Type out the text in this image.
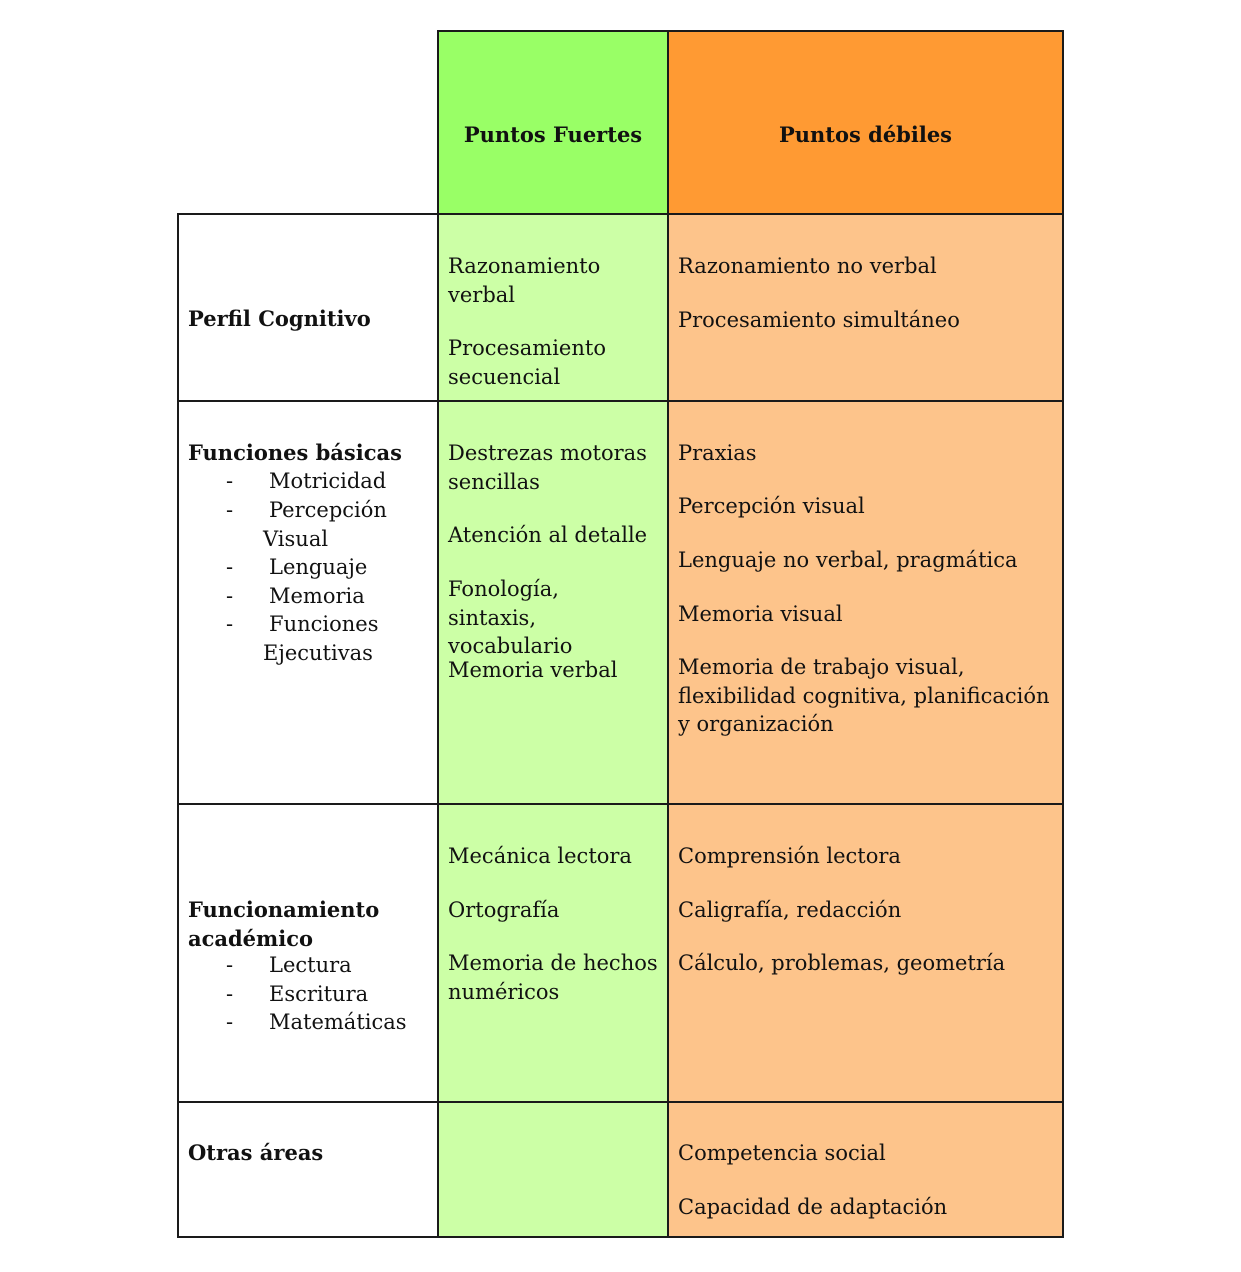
Puntos Fuertes	Puntos débiles
Perfil Cognitivo
Razonamiento verbal
Procesamiento secuencial
Razonamiento no verbal
Procesamiento simultáneo
Funciones básicas
- Motricidad
- Percepción Visual
- Lenguaje
- Memoria
- Funciones Ejecutivas
Destrezas motoras sencillas
Atención al detalle
Fonología, sintaxis, vocabulario
Memoria verbal
Praxias
Percepción visual
Lenguaje no verbal, pragmática
Memoria visual
Memoria de trabajo visual, flexibilidad cognitiva, planificación y organización
Funcionamiento académico
- Lectura
- Escritura
- Matemáticas
Mecánica lectora
Ortografía
Memoria de hechos numéricos
Comprensión lectora
Caligrafía, redacción
Cálculo, problemas, geometría
Otras áreas	Competencia social
Capacidad de adaptación
